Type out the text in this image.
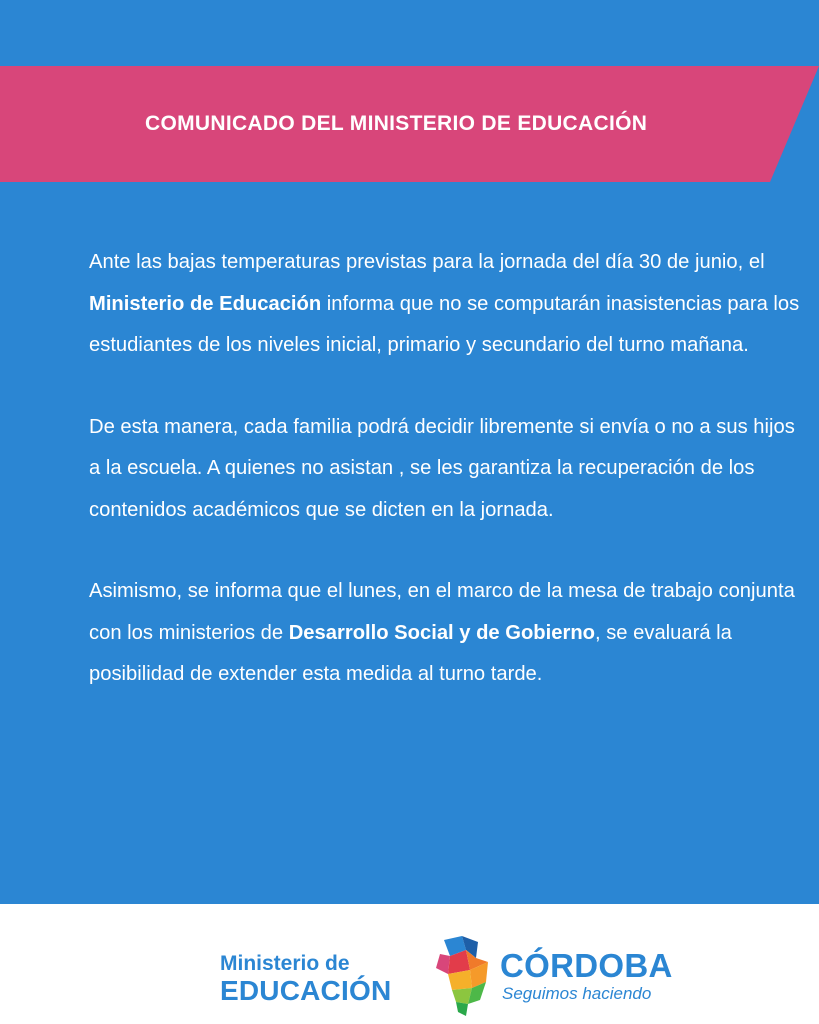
COMUNICADO DEL MINISTERIO DE EDUCACIÓN

Ante las bajas temperaturas previstas para la jornada del día 30 de junio, el Ministerio de Educación informa que no se computarán inasistencias para los estudiantes de los niveles inicial, primario y secundario del turno mañana.

De esta manera, cada familia podrá decidir libremente si envía o no a sus hijos a la escuela. A quienes no asistan , se les garantiza la recuperación de los contenidos académicos que se dicten en la jornada.

Asimismo, se informa que el lunes, en el marco de la mesa de trabajo conjunta con los ministerios de Desarrollo Social y de Gobierno, se evaluará la posibilidad de extender esta medida al turno tarde.

Ministerio de
EDUCACIÓN
CÓRDOBA
Seguimos haciendo
